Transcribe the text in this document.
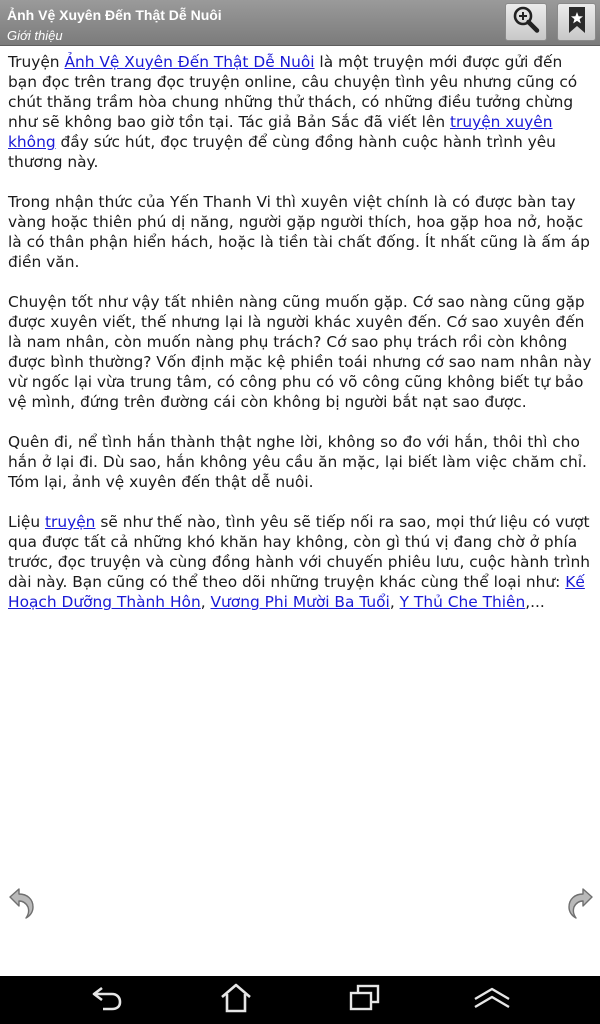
Ảnh Vệ Xuyên Đến Thật Dễ Nuôi
Giới thiệu

Truyện Ảnh Vệ Xuyên Đến Thật Dễ Nuôi là một truyện mới được gửi đến bạn đọc trên trang đọc truyện online, câu chuyện tình yêu nhưng cũng có chút thăng trầm hòa chung những thử thách, có những điều tưởng chừng như sẽ không bao giờ tồn tại. Tác giả Bản Sắc đã viết lên truyện xuyên không đầy sức hút, đọc truyện để cùng đồng hành cuộc hành trình yêu thương này.

Trong nhận thức của Yến Thanh Vi thì xuyên việt chính là có được bàn tay vàng hoặc thiên phú dị năng, người gặp người thích, hoa gặp hoa nở, hoặc là có thân phận hiển hách, hoặc là tiền tài chất đống. Ít nhất cũng là ấm áp điền văn.

Chuyện tốt như vậy tất nhiên nàng cũng muốn gặp. Cớ sao nàng cũng gặp được xuyên viết, thế nhưng lại là người khác xuyên đến. Cớ sao xuyên đến là nam nhân, còn muốn nàng phụ trách? Cớ sao phụ trách rồi còn không được bình thường? Vốn định mặc kệ phiền toái nhưng cớ sao nam nhân này vừ ngốc lại vừa trung tâm, có công phu có võ công cũng không biết tự bảo vệ mình, đứng trên đường cái còn không bị người bắt nạt sao được.

Quên đi, nể tình hắn thành thật nghe lời, không so đo với hắn, thôi thì cho hắn ở lại đi. Dù sao, hắn không yêu cầu ăn mặc, lại biết làm việc chăm chỉ. Tóm lại, ảnh vệ xuyên đến thật dễ nuôi.

Liệu truyện sẽ như thế nào, tình yêu sẽ tiếp nối ra sao, mọi thứ liệu có vượt qua được tất cả những khó khăn hay không, còn gì thú vị đang chờ ở phía trước, đọc truyện và cùng đồng hành với chuyến phiêu lưu, cuộc hành trình dài này. Bạn cũng có thể theo dõi những truyện khác cùng thể loại như: Kế Hoạch Dưỡng Thành Hôn, Vương Phi Mười Ba Tuổi, Y Thủ Che Thiên,...
